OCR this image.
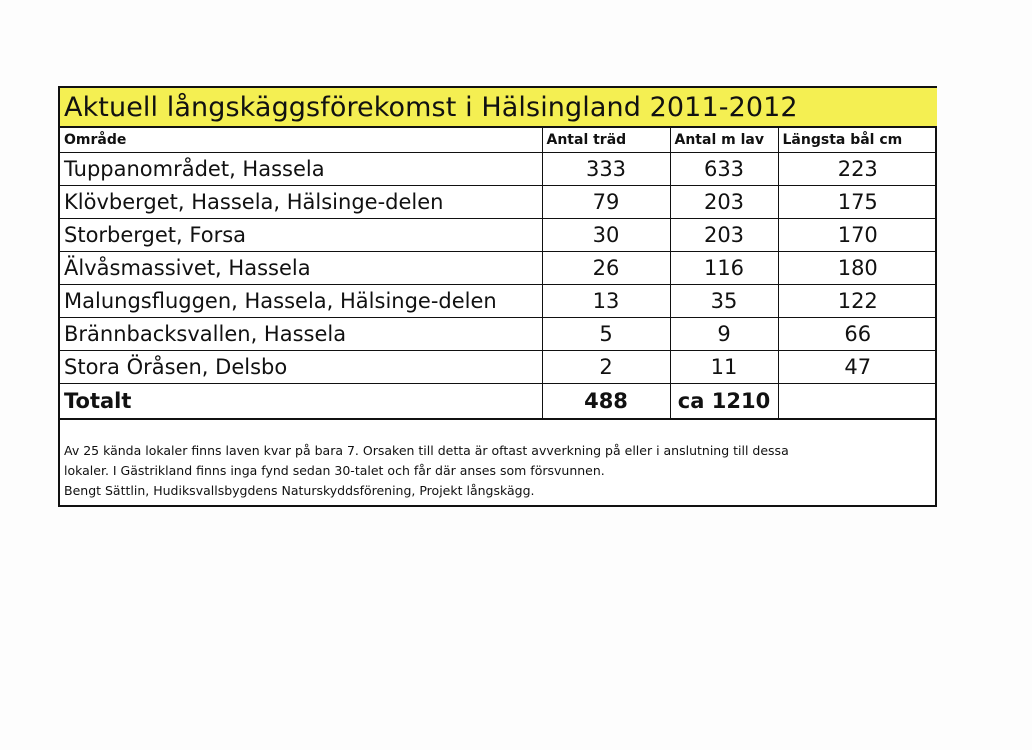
Aktuell långskäggsförekomst i Hälsingland 2011-2012
Område	Antal träd	Antal m lav	Längsta bål cm
Tuppanområdet, Hassela	333	633	223
Klövberget, Hassela, Hälsinge-delen	79	203	175
Storberget, Forsa	30	203	170
Älvåsmassivet, Hassela	26	116	180
Malungsfluggen, Hassela, Hälsinge-delen	13	35	122
Brännbacksvallen, Hassela	5	9	66
Stora Öråsen, Delsbo	2	11	47
Totalt	488	ca 1210	

Av 25 kända lokaler finns laven kvar på bara 7. Orsaken till detta är oftast avverkning på eller i anslutning till dessa

lokaler. I Gästrikland finns inga fynd sedan 30-talet och får där anses som försvunnen.

Bengt Sättlin, Hudiksvallsbygdens Naturskyddsförening, Projekt långskägg.
